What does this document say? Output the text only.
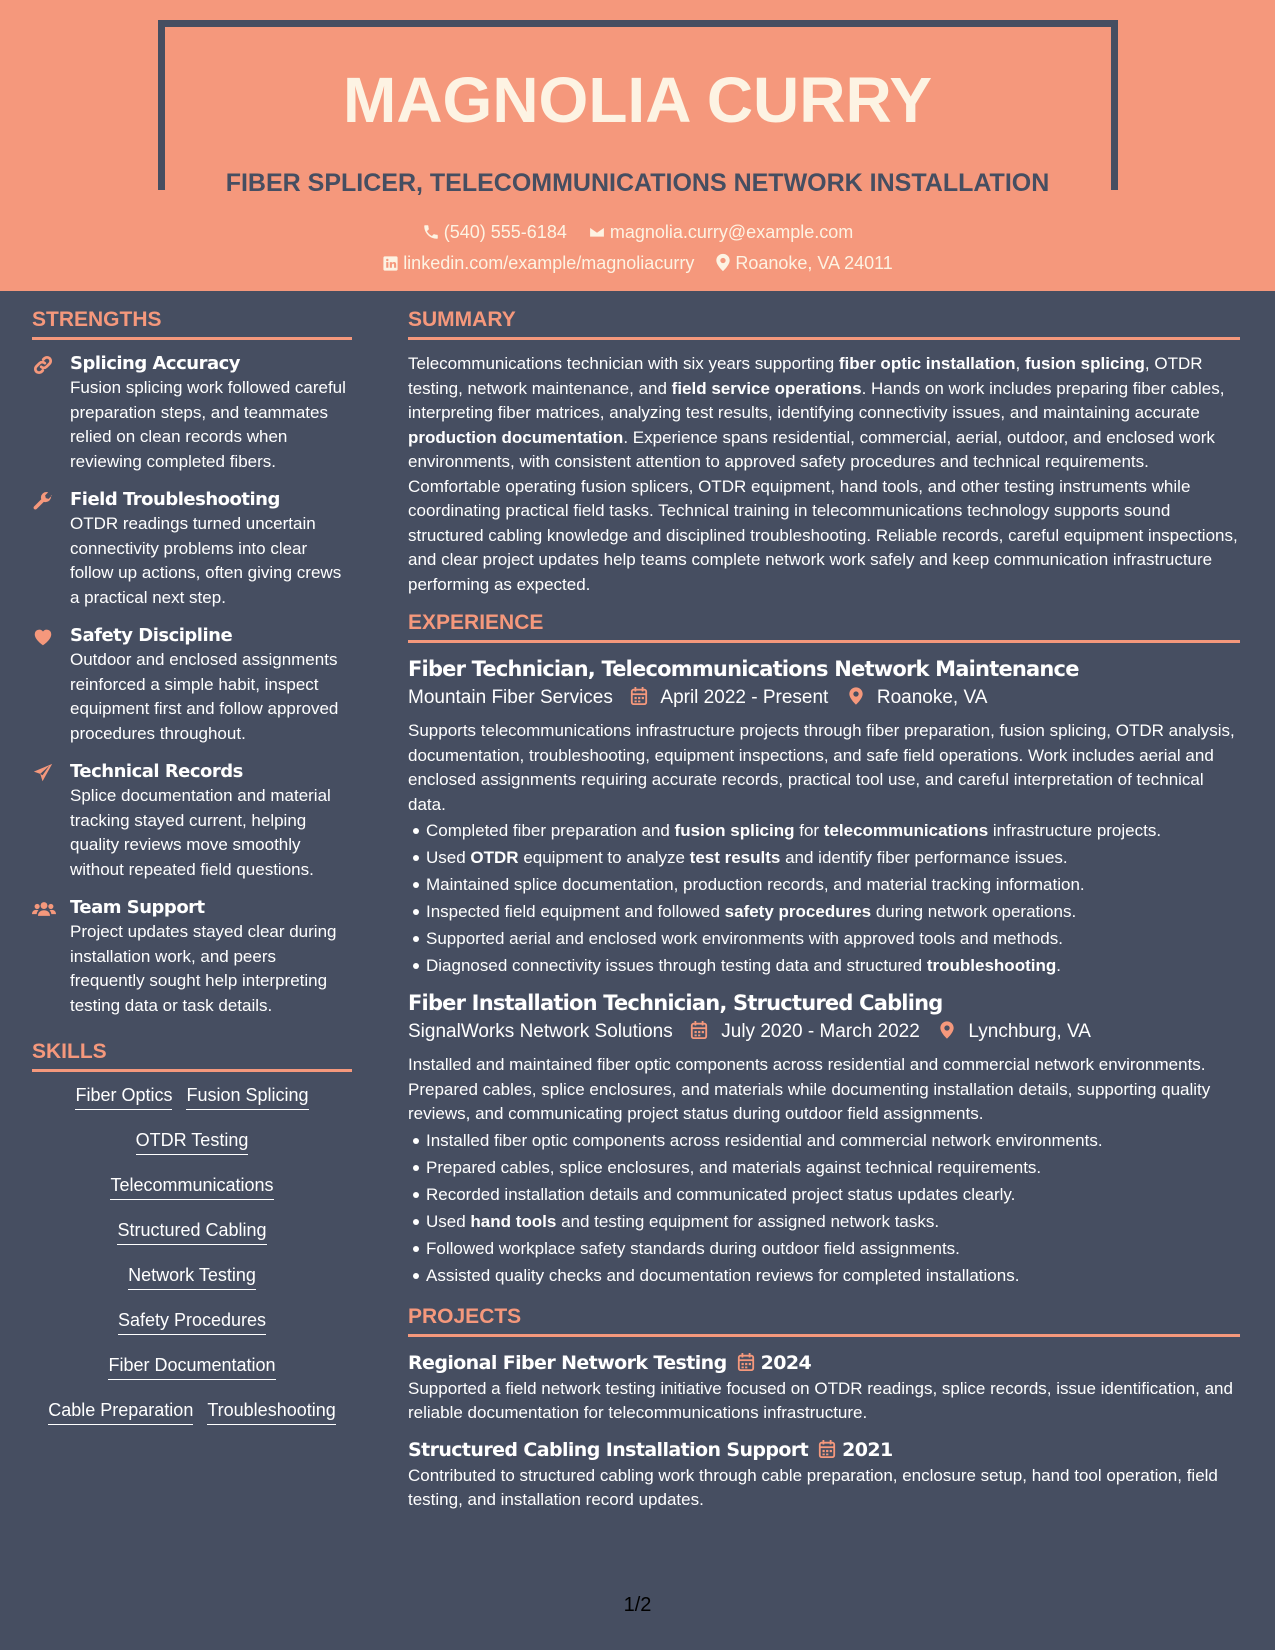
MAGNOLIA CURRY
FIBER SPLICER, TELECOMMUNICATIONS NETWORK INSTALLATION
(540) 555-6184 magnolia.curry@example.com
linkedin.com/example/magnoliacurry Roanoke, VA 24011
STRENGTHS
Splicing Accuracy
Fusion splicing work followed careful preparation steps, and teammates relied on clean records when reviewing completed fibers.
Field Troubleshooting
OTDR readings turned uncertain connectivity problems into clear follow up actions, often giving crews a practical next step.
Safety Discipline
Outdoor and enclosed assignments reinforced a simple habit, inspect equipment first and follow approved procedures throughout.
Technical Records
Splice documentation and material tracking stayed current, helping quality reviews move smoothly without repeated field questions.
Team Support
Project updates stayed clear during installation work, and peers frequently sought help interpreting testing data or task details.
SKILLS
Fiber Optics Fusion Splicing
OTDR Testing
Telecommunications
Structured Cabling
Network Testing
Safety Procedures
Fiber Documentation
Cable Preparation Troubleshooting
SUMMARY

Telecommunications technician with six years supporting fiber optic installation, fusion splicing, OTDR testing, network maintenance, and field service operations. Hands on work includes preparing fiber cables, interpreting fiber matrices, analyzing test results, identifying connectivity issues, and maintaining accurate production documentation. Experience spans residential, commercial, aerial, outdoor, and enclosed work environments, with consistent attention to approved safety procedures and technical requirements. Comfortable operating fusion splicers, OTDR equipment, hand tools, and other testing instruments while coordinating practical field tasks. Technical training in telecommunications technology supports sound structured cabling knowledge and disciplined troubleshooting. Reliable records, careful equipment inspections, and clear project updates help teams complete network work safely and keep communication infrastructure performing as expected.

EXPERIENCE
Fiber Technician, Telecommunications Network Maintenance
Mountain Fiber Services	April 2022 - Present	Roanoke, VA

Supports telecommunications infrastructure projects through fiber preparation, fusion splicing, OTDR analysis, documentation, troubleshooting, equipment inspections, and safe field operations. Work includes aerial and enclosed assignments requiring accurate records, practical tool use, and careful interpretation of technical data.

Completed fiber preparation and fusion splicing for telecommunications infrastructure projects.
Used OTDR equipment to analyze test results and identify fiber performance issues.
Maintained splice documentation, production records, and material tracking information.
Inspected field equipment and followed safety procedures during network operations.
Supported aerial and enclosed work environments with approved tools and methods.
Diagnosed connectivity issues through testing data and structured troubleshooting.
Fiber Installation Technician, Structured Cabling
SignalWorks Network Solutions	July 2020 - March 2022	Lynchburg, VA

Installed and maintained fiber optic components across residential and commercial network environments. Prepared cables, splice enclosures, and materials while documenting installation details, supporting quality reviews, and communicating project status during outdoor field assignments.

Installed fiber optic components across residential and commercial network environments.
Prepared cables, splice enclosures, and materials against technical requirements.
Recorded installation details and communicated project status updates clearly.
Used hand tools and testing equipment for assigned network tasks.
Followed workplace safety standards during outdoor field assignments.
Assisted quality checks and documentation reviews for completed installations.
PROJECTS
Regional Fiber Network Testing 2024

Supported a field network testing initiative focused on OTDR readings, splice records, issue identification, and reliable documentation for telecommunications infrastructure.

Structured Cabling Installation Support 2021

Contributed to structured cabling work through cable preparation, enclosure setup, hand tool operation, field testing, and installation record updates.

1/2
